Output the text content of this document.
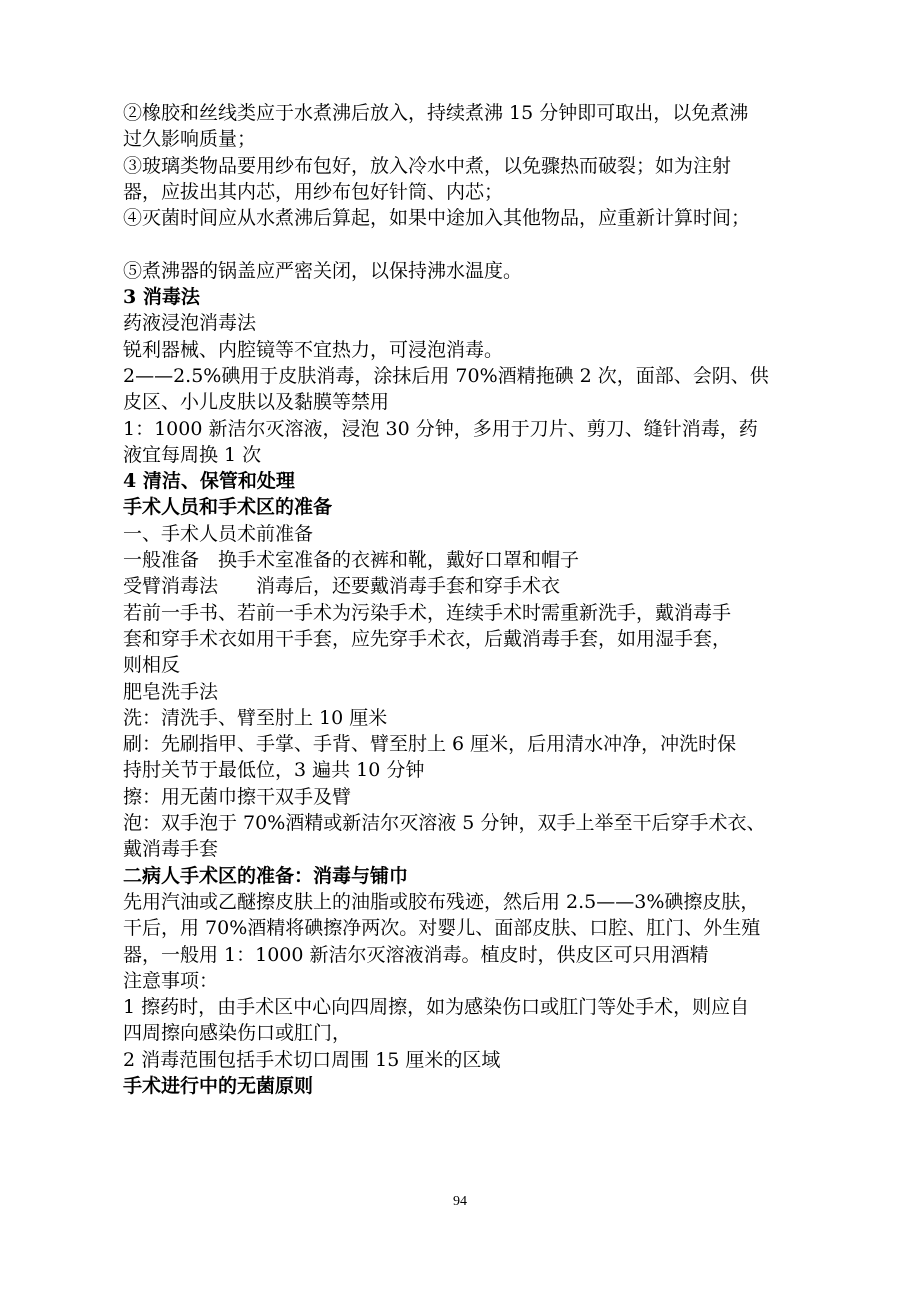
②橡胶和丝线类应于水煮沸后放入，持续煮沸 15 分钟即可取出，以免煮沸
过久影响质量；
③玻璃类物品要用纱布包好，放入冷水中煮，以免骤热而破裂；如为注射
器，应拔出其内芯，用纱布包好针筒、内芯；
④灭菌时间应从水煮沸后算起，如果中途加入其他物品，应重新计算时间；
⑤煮沸器的锅盖应严密关闭，以保持沸水温度。
3 消毒法
药液浸泡消毒法
锐利器械、内腔镜等不宜热力，可浸泡消毒。
2——2.5%碘用于皮肤消毒，涂抹后用 70%酒精拖碘 2 次，面部、会阴、供
皮区、小儿皮肤以及黏膜等禁用
1：1000 新洁尔灭溶液，浸泡 30 分钟，多用于刀片、剪刀、缝针消毒，药
液宜每周换 1 次
4 清洁、保管和处理
手术人员和手术区的准备
一、手术人员术前准备
一般准备　换手术室准备的衣裤和靴，戴好口罩和帽子
受臂消毒法　　消毒后，还要戴消毒手套和穿手术衣
若前一手书、若前一手术为污染手术，连续手术时需重新洗手，戴消毒手
套和穿手术衣如用干手套，应先穿手术衣，后戴消毒手套，如用湿手套，
则相反
肥皂洗手法
洗：清洗手、臂至肘上 10 厘米
刷：先刷指甲、手掌、手背、臂至肘上 6 厘米，后用清水冲净，冲洗时保
持肘关节于最低位，3 遍共 10 分钟
擦：用无菌巾擦干双手及臂
泡：双手泡于 70%酒精或新洁尔灭溶液 5 分钟，双手上举至干后穿手术衣、
戴消毒手套
二病人手术区的准备：消毒与铺巾
先用汽油或乙醚擦皮肤上的油脂或胶布残迹，然后用 2.5——3%碘擦皮肤，
干后，用 70%酒精将碘擦净两次。对婴儿、面部皮肤、口腔、肛门、外生殖
器，一般用 1：1000 新洁尔灭溶液消毒。植皮时，供皮区可只用酒精
注意事项：
1 擦药时，由手术区中心向四周擦，如为感染伤口或肛门等处手术，则应自
四周擦向感染伤口或肛门，
2 消毒范围包括手术切口周围 15 厘米的区域
手术进行中的无菌原则
94
